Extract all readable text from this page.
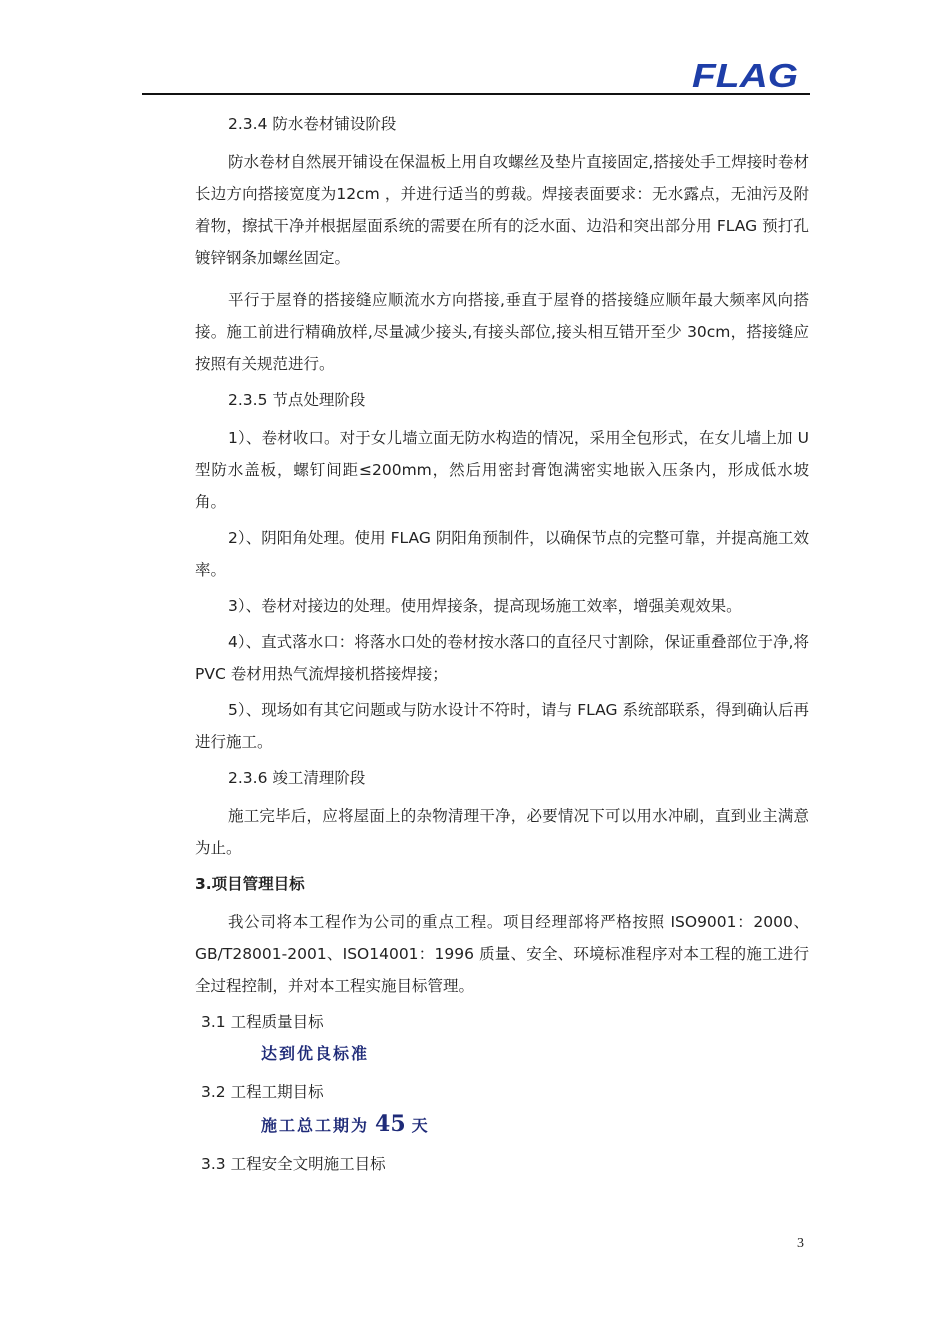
FLAG

2.3.4 防水卷材铺设阶段

防水卷材自然展开铺设在保温板上用自攻螺丝及垫片直接固定,搭接处手工焊接时卷材长边方向搭接宽度为12cm ，并进行适当的剪裁。焊接表面要求：无水露点，无油污及附着物，擦拭干净并根据屋面系统的需要在所有的泛水面、边沿和突出部分用 FLAG 预打孔镀锌钢条加螺丝固定。

平行于屋脊的搭接缝应顺流水方向搭接,垂直于屋脊的搭接缝应顺年最大频率风向搭接。施工前进行精确放样,尽量减少接头,有接头部位,接头相互错开至少 30cm，搭接缝应按照有关规范进行。

2.3.5 节点处理阶段

1）、卷材收口。对于女儿墙立面无防水构造的情况，采用全包形式，在女儿墙上加 U 型防水盖板，螺钉间距≤200mm，然后用密封膏饱满密实地嵌入压条内，形成低水坡角。

2）、阴阳角处理。使用 FLAG 阴阳角预制件，以确保节点的完整可靠，并提高施工效率。

3）、卷材对接边的处理。使用焊接条，提高现场施工效率，增强美观效果。

4）、直式落水口：将落水口处的卷材按水落口的直径尺寸割除，保证重叠部位于净,将 PVC 卷材用热气流焊接机搭接焊接；

5）、现场如有其它问题或与防水设计不符时，请与 FLAG 系统部联系，得到确认后再进行施工。

2.3.6 竣工清理阶段

施工完毕后，应将屋面上的杂物清理干净，必要情况下可以用水冲刷，直到业主满意为止。

3.项目管理目标

我公司将本工程作为公司的重点工程。项目经理部将严格按照 ISO9001：2000、GB/T28001-2001、ISO14001：1996 质量、安全、环境标准程序对本工程的施工进行全过程控制，并对本工程实施目标管理。

3.1 工程质量目标

达到优良标准

3.2 工程工期目标

施工总工期为 45 天

3.3 工程安全文明施工目标

3
